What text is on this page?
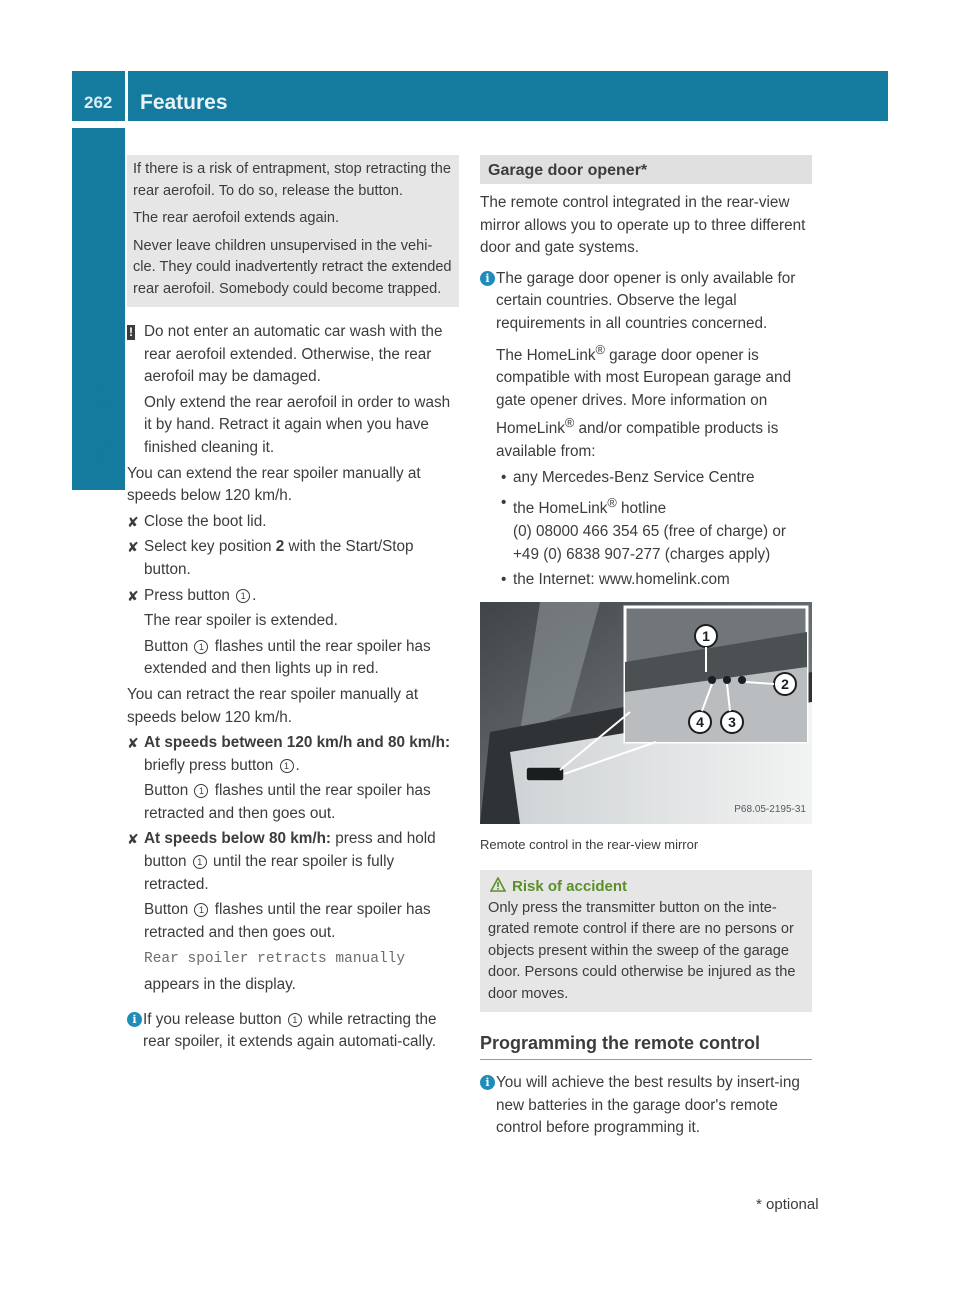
262 Features
Controls

If there is a risk of entrapment, stop retracting the rear aerofoil. To do so, release the button.

The rear aerofoil extends again.

Never leave children unsupervised in the vehi-cle. They could inadvertently retract the extended rear aerofoil. Somebody could become trapped.

! Do not enter an automatic car wash with the rear aerofoil extended. Otherwise, the rear aerofoil may be damaged.

Only extend the rear aerofoil in order to wash it by hand. Retract it again when you have finished cleaning it.

You can extend the rear spoiler manually at speeds below 120 km/h.

✘ Close the boot lid.

✘ Select key position 2 with the Start/Stop button.

✘ Press button 1 .

The rear spoiler is extended.

Button 1 flashes until the rear spoiler has extended and then lights up in red.

You can retract the rear spoiler manually at speeds below 120 km/h.

✘ At speeds between 120 km/h and 80 km/h: briefly press button 1 .

Button 1 flashes until the rear spoiler has retracted and then goes out.

✘ At speeds below 80 km/h: press and hold button 1 until the rear spoiler is fully retracted.

Button 1 flashes until the rear spoiler has retracted and then goes out.

Rear spoiler retracts manually

appears in the display.

i If you release button 1 while retracting the rear spoiler, it extends again automati-cally.

Garage door opener*

The remote control integrated in the rear-view mirror allows you to operate up to three different door and gate systems.

i The garage door opener is only available for certain countries. Observe the legal requirements in all countries concerned.

The HomeLink® garage door opener is compatible with most European garage and gate opener drives. More information on HomeLink® and/or compatible products is available from:

• any Mercedes-Benz Service Centre

• the HomeLink® hotline
(0) 08000 466 354 65 (free of charge) or +49 (0) 6838 907-277 (charges apply)

• the Internet: www.homelink.com

1
2
3
4
P68.05-2195-31

Remote control in the rear-view mirror

Risk of accident
Only press the transmitter button on the inte-grated remote control if there are no persons or objects present within the sweep of the garage door. Persons could otherwise be injured as the door moves.
Programming the remote control

i You will achieve the best results by insert-ing new batteries in the garage door's remote control before programming it.

* optional
